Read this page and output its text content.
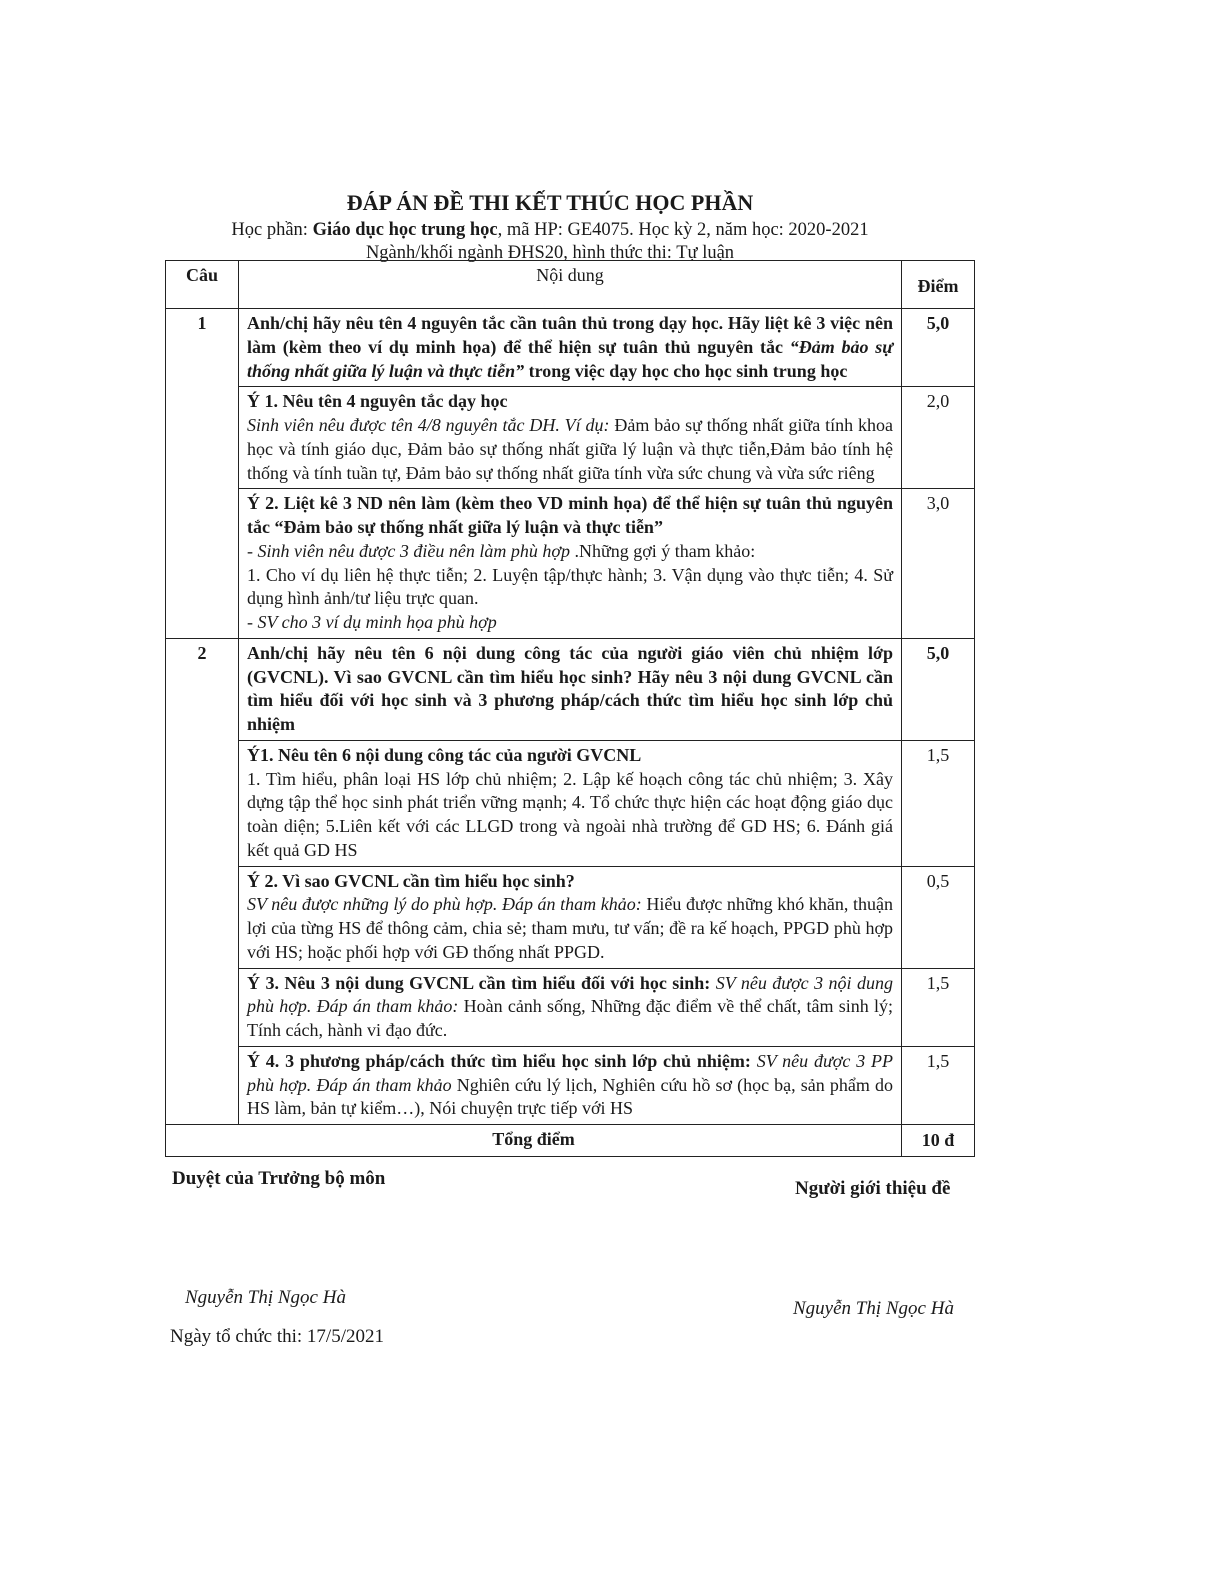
ĐÁP ÁN ĐỀ THI KẾT THÚC HỌC PHẦN
Học phần: Giáo dục học trung học, mã HP: GE4075. Học kỳ 2, năm học: 2020-2021
Ngành/khối ngành ĐHS20, hình thức thi: Tự luận
Câu	Nội dung	Điểm
1	Anh/chị hãy nêu tên 4 nguyên tắc cần tuân thủ trong dạy học. Hãy liệt kê 3 việc nên làm (kèm theo ví dụ minh họa) để thể hiện sự tuân thủ nguyên tắc “Đảm bảo sự thống nhất giữa lý luận và thực tiễn” trong việc dạy học cho học sinh trung học	5,0
	Ý 1. Nêu tên 4 nguyên tắc dạy học
Sinh viên nêu được tên 4/8 nguyên tắc DH. Ví dụ: Đảm bảo sự thống nhất giữa tính khoa học và tính giáo dục, Đảm bảo sự thống nhất giữa lý luận và thực tiễn,Đảm bảo tính hệ thống và tính tuần tự, Đảm bảo sự thống nhất giữa tính vừa sức chung và vừa sức riêng	2,0
	Ý 2. Liệt kê 3 ND nên làm (kèm theo VD minh họa) để thể hiện sự tuân thủ nguyên tắc “Đảm bảo sự thống nhất giữa lý luận và thực tiễn”
- Sinh viên nêu được 3 điều nên làm phù hợp .Những gợi ý tham khảo:
1. Cho ví dụ liên hệ thực tiễn; 2. Luyện tập/thực hành; 3. Vận dụng vào thực tiễn; 4. Sử dụng hình ảnh/tư liệu trực quan.
- SV cho 3 ví dụ minh họa phù hợp	3,0
2	Anh/chị hãy nêu tên 6 nội dung công tác của người giáo viên chủ nhiệm lớp (GVCNL). Vì sao GVCNL cần tìm hiểu học sinh? Hãy nêu 3 nội dung GVCNL cần tìm hiểu đối với học sinh và 3 phương pháp/cách thức tìm hiểu học sinh lớp chủ nhiệm	5,0
	Ý1. Nêu tên 6 nội dung công tác của người GVCNL
1. Tìm hiểu, phân loại HS lớp chủ nhiệm; 2. Lập kế hoạch công tác chủ nhiệm; 3. Xây dựng tập thể học sinh phát triển vững mạnh; 4. Tổ chức thực hiện các hoạt động giáo dục toàn diện; 5.Liên kết với các LLGD trong và ngoài nhà trường để GD HS; 6. Đánh giá kết quả GD HS	1,5
	Ý 2. Vì sao GVCNL cần tìm hiểu học sinh?
SV nêu được những lý do phù hợp. Đáp án tham khảo: Hiểu được những khó khăn, thuận lợi của từng HS để thông cảm, chia sẻ; tham mưu, tư vấn; đề ra kế hoạch, PPGD phù hợp với HS; hoặc phối hợp với GĐ thống nhất PPGD.	0,5
	Ý 3. Nêu 3 nội dung GVCNL cần tìm hiểu đối với học sinh: SV nêu được 3 nội dung phù hợp. Đáp án tham khảo: Hoàn cảnh sống, Những đặc điểm về thể chất, tâm sinh lý; Tính cách, hành vi đạo đức.	1,5
	Ý 4. 3 phương pháp/cách thức tìm hiểu học sinh lớp chủ nhiệm: SV nêu được 3 PP phù hợp. Đáp án tham khảo Nghiên cứu lý lịch, Nghiên cứu hồ sơ (học bạ, sản phẩm do HS làm, bản tự kiểm…), Nói chuyện trực tiếp với HS	1,5
Tổng điểm		10 đ
Duyệt của Trưởng bộ môn	Người giới thiệu đề
Nguyễn Thị Ngọc Hà
Nguyễn Thị Ngọc Hà
Ngày tổ chức thi: 17/5/2021
